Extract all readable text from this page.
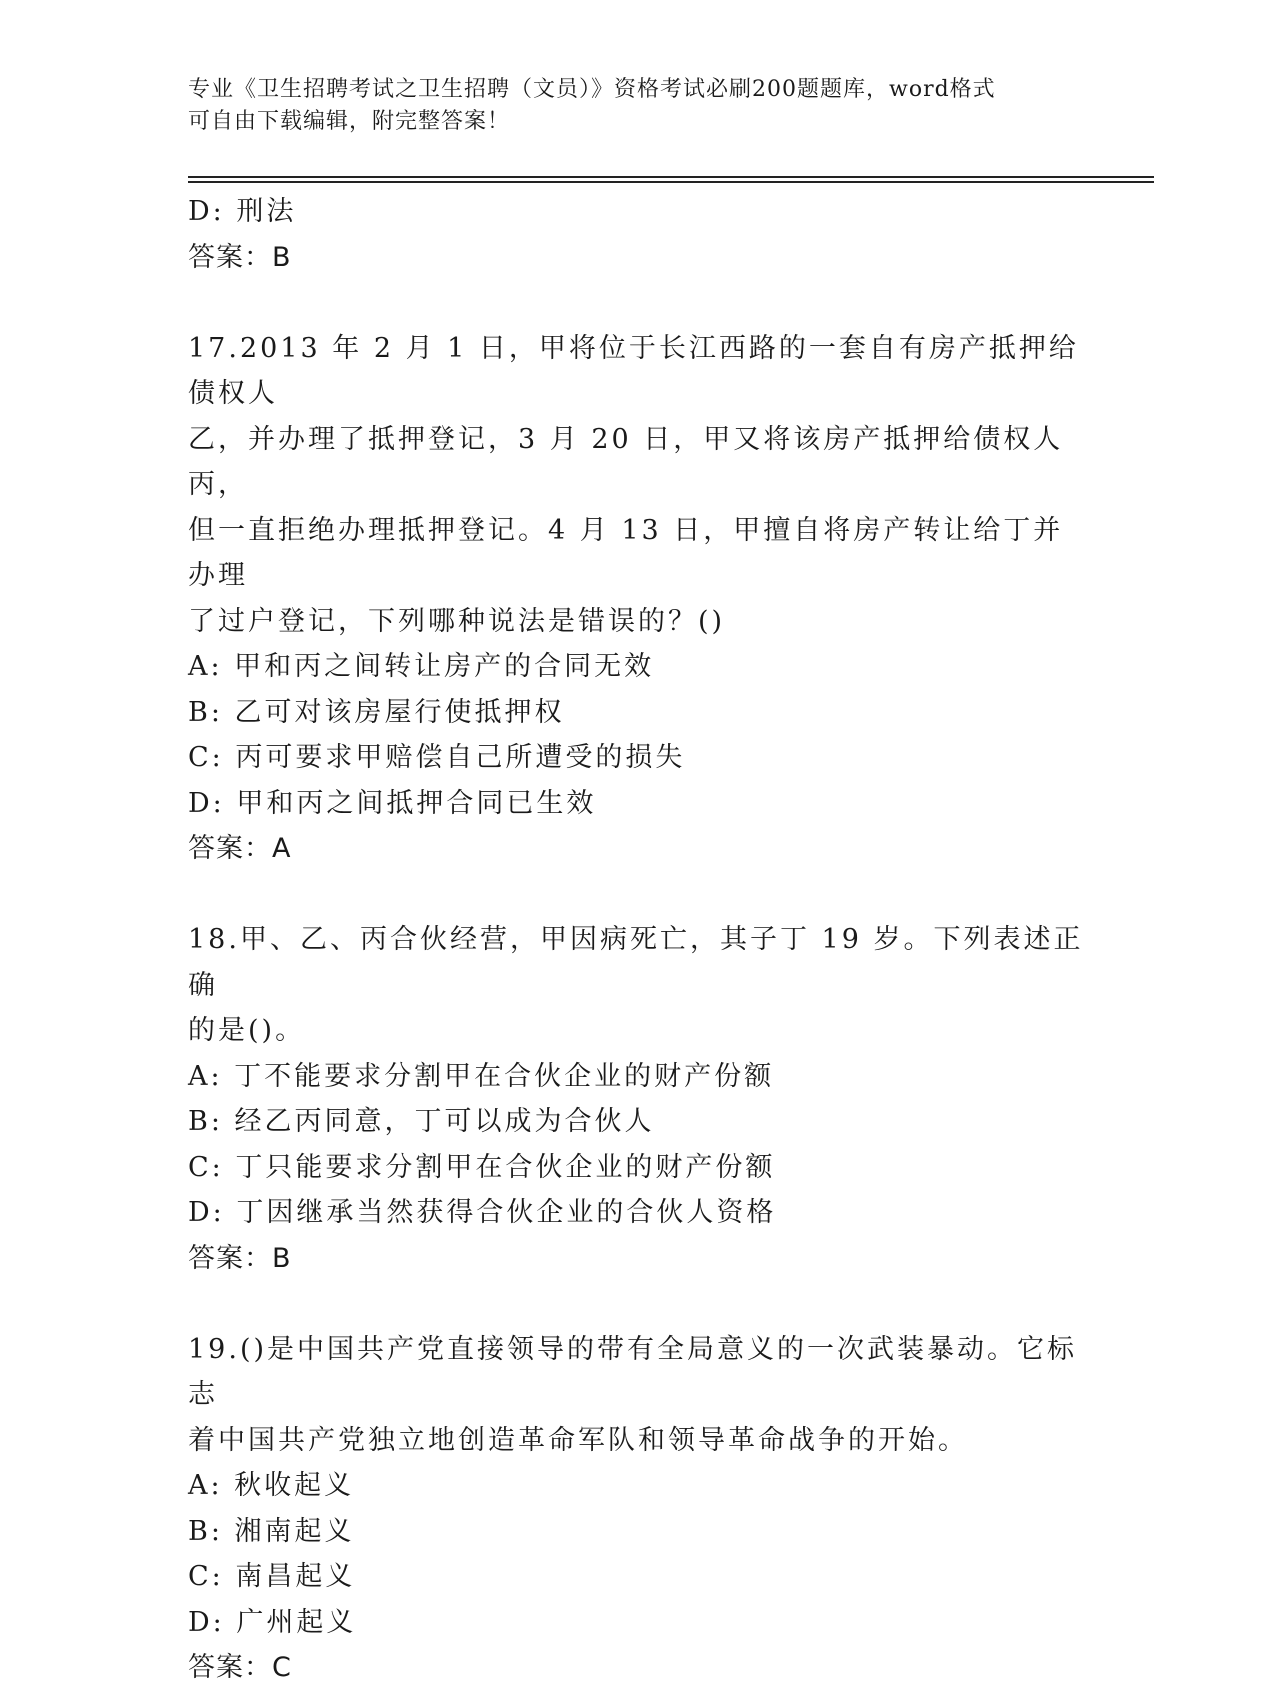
专业《卫生招聘考试之卫生招聘（文员）》资格考试必刷200题题库，word格式
可自由下载编辑，附完整答案！
D: 刑法
答案：B
17.2013 年 2 月 1 日，甲将位于长江西路的一套自有房产抵押给债权人
乙，并办理了抵押登记，3 月 20 日，甲又将该房产抵押给债权人丙，
但一直拒绝办理抵押登记。4 月 13 日，甲擅自将房产转让给丁并办理
了过户登记，下列哪种说法是错误的？()
A: 甲和丙之间转让房产的合同无效
B: 乙可对该房屋行使抵押权
C: 丙可要求甲赔偿自己所遭受的损失
D: 甲和丙之间抵押合同已生效
答案：A
18.甲、乙、丙合伙经营，甲因病死亡，其子丁 19 岁。下列表述正确
的是()。
A: 丁不能要求分割甲在合伙企业的财产份额
B: 经乙丙同意，丁可以成为合伙人
C: 丁只能要求分割甲在合伙企业的财产份额
D: 丁因继承当然获得合伙企业的合伙人资格
答案：B
19.()是中国共产党直接领导的带有全局意义的一次武装暴动。它标志
着中国共产党独立地创造革命军队和领导革命战争的开始。
A: 秋收起义
B: 湘南起义
C: 南昌起义
D: 广州起义
答案：C
